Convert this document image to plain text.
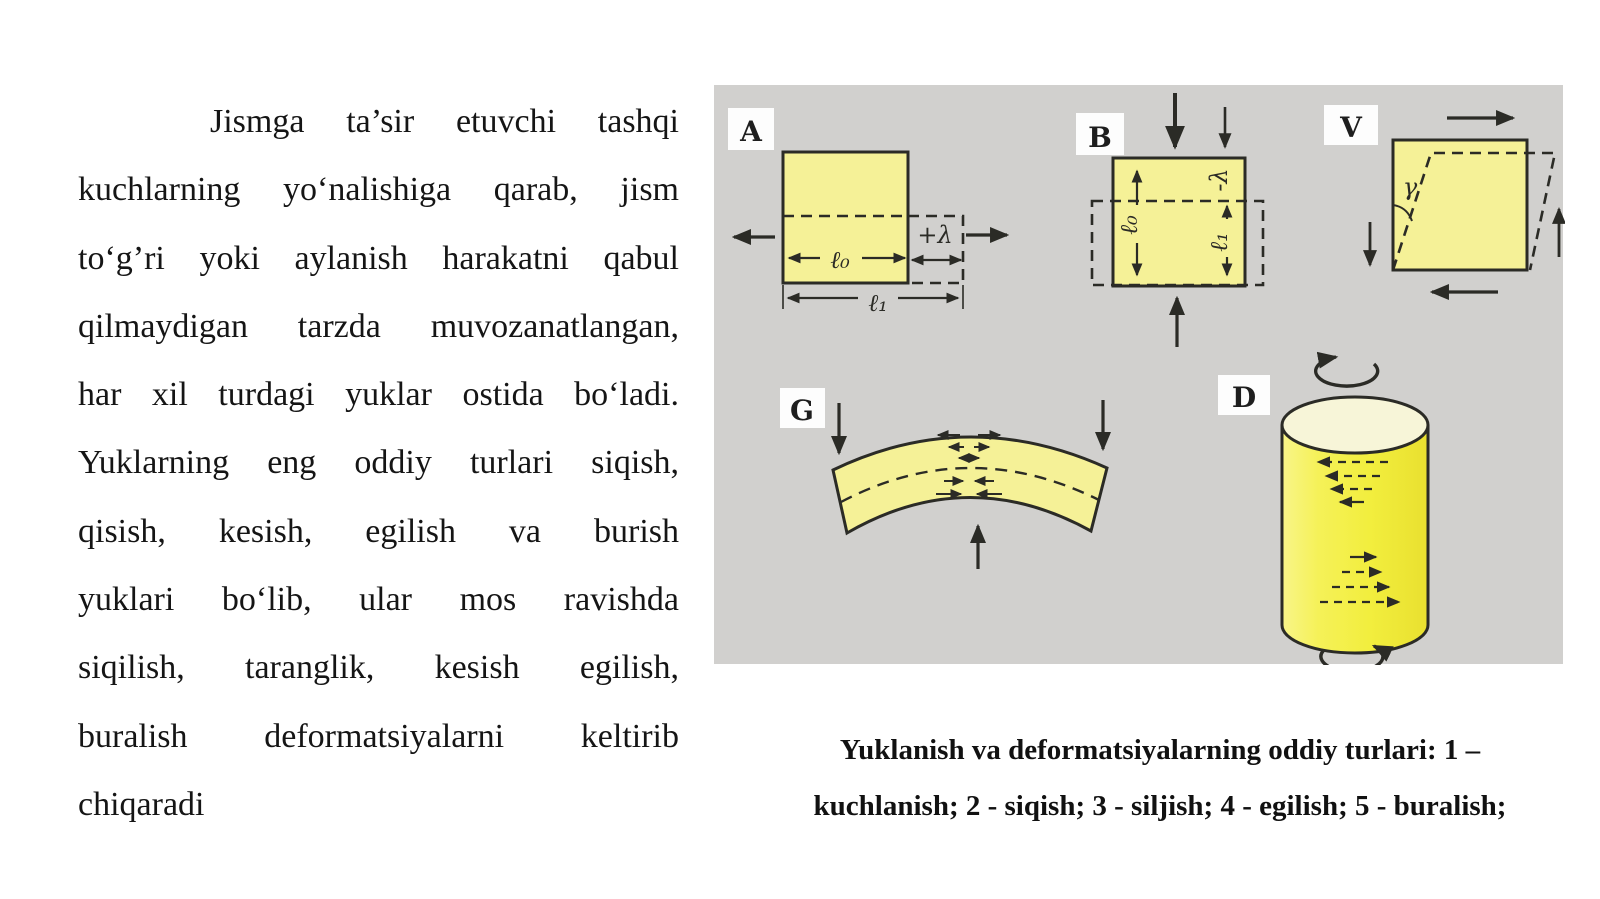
Jismga ta’sir etuvchi tashqi
kuchlarning yo‘nalishiga qarab, jism
to‘g’ri yoki aylanish harakatni qabul
qilmaydigan tarzda muvozanatlangan,
har xil turdagi yuklar ostida bo‘ladi.
Yuklarning eng oddiy turlari siqish,
qisish, kesish, egilish va burish
yuklari bo‘lib, ular mos ravishda
siqilish, taranglik, kesish egilish,
buralish deformatsiyalarni keltirib
chiqaradi
A
ℓ₀
+λ
ℓ₁
B
ℓ₀
-λ
ℓ₁
V
γ
G	D
Yuklanish va deformatsiyalarning oddiy turlari: 1 –
kuchlanish; 2 - siqish; 3 - siljish; 4 - egilish; 5 - buralish;
